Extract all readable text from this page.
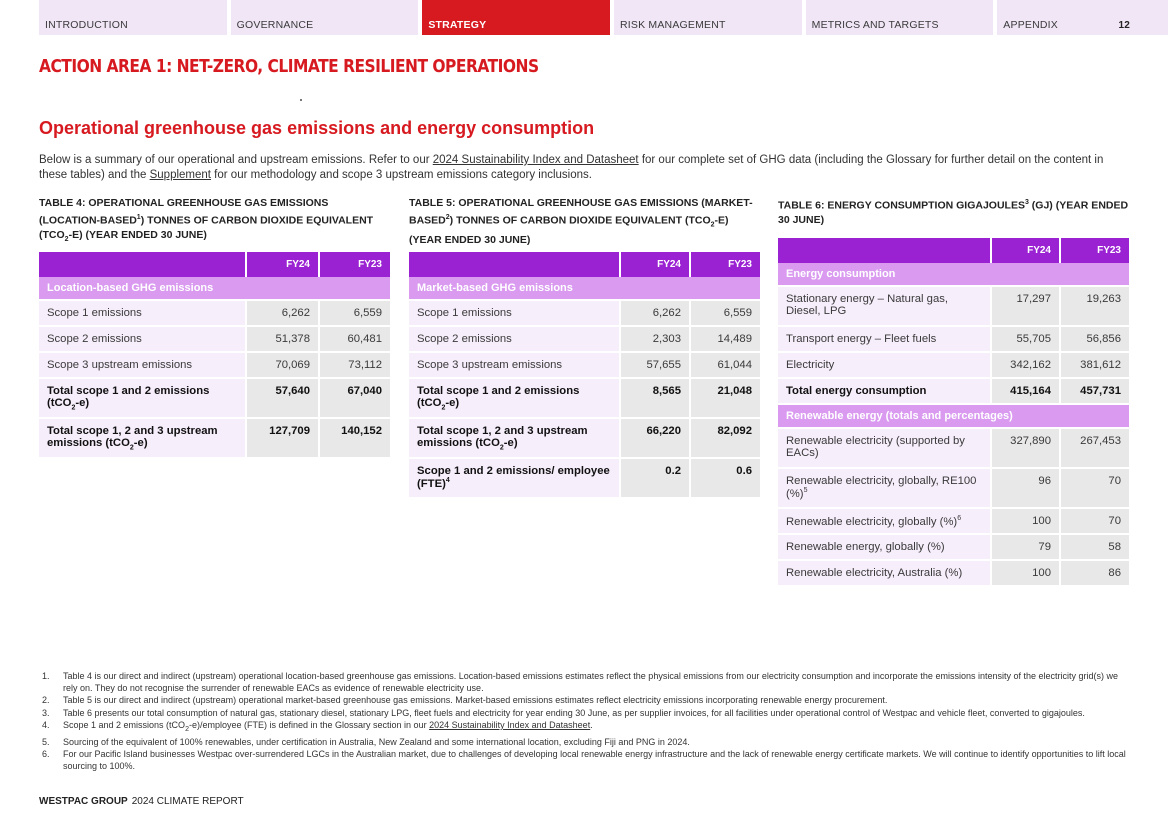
INTRODUCTION	GOVERNANCE	STRATEGY	RISK MANAGEMENT	METRICS AND TARGETS	APPENDIX	12
ACTION AREA 1: NET-ZERO, CLIMATE RESILIENT OPERATIONS
Operational greenhouse gas emissions and energy consumption

Below is a summary of our operational and upstream emissions. Refer to our 2024 Sustainability Index and Datasheet for our complete set of GHG data (including the Glossary for further detail on the content in these tables) and the Supplement for our methodology and scope 3 upstream emissions category inclusions.

TABLE 4: OPERATIONAL GREENHOUSE GAS EMISSIONS (LOCATION-BASED$^1$) TONNES OF CARBON DIOXIDE EQUIVALENT $(TCO_2-E)$ (YEAR ENDED 30 JUNE)
	FY24	FY23
Location-based GHG emissions		
Scope 1 emissions	6,262	6,559
Scope 2 emissions	51,378	60,481
Scope 3 upstream emissions	70,069	73,112
Total scope 1 and 2 emissions (tCO$_2$-e)	57,640	67,040
Total scope 1, 2 and 3 upstream emissions (tCO$_2$-e)	127,709	140,152
TABLE 5: OPERATIONAL GREENHOUSE GAS EMISSIONS (MARKET-BASED$^2$) TONNES OF CARBON DIOXIDE EQUIVALENT $(TCO_2-E)$ (YEAR ENDED 30 JUNE)
	FY24	FY23
Market-based GHG emissions		
Scope 1 emissions	6,262	6,559
Scope 2 emissions	2,303	14,489
Scope 3 upstream emissions	57,655	61,044
Total scope 1 and 2 emissions (tCO$_2$-e)	8,565	21,048
Total scope 1, 2 and 3 upstream emissions (tCO$_2$-e)	66,220	82,092
Scope 1 and 2 emissions/ employee (FTE)$^4$	0.2	0.6
TABLE 6: ENERGY CONSUMPTION GIGAJOULES$^3$ (GJ) (YEAR ENDED 30 JUNE)
	FY24	FY23
Energy consumption		
Stationary energy – Natural gas, Diesel, LPG	17,297	19,263
Transport energy – Fleet fuels	55,705	56,856
Electricity	342,162	381,612
Total energy consumption	415,164	457,731
Renewable energy (totals and percentages)		
Renewable electricity (supported by EACs)	327,890	267,453
Renewable electricity, globally, RE100 (%)$^5$	96	70
Renewable electricity, globally (%)$^6$	100	70
Renewable energy, globally (%)	79	58
Renewable electricity, Australia (%)	100	86
1. Table 4 is our direct and indirect (upstream) operational location-based greenhouse gas emissions. Location-based emissions estimates reflect the physical emissions from our electricity consumption and incorporate the emissions intensity of the electricity grid(s) we rely on. They do not recognise the surrender of renewable EACs as evidence of renewable electricity use.
2. Table 5 is our direct and indirect (upstream) operational market-based greenhouse gas emissions. Market-based emissions estimates reflect electricity emissions incorporating renewable energy procurement.
3. Table 6 presents our total consumption of natural gas, stationary diesel, stationary LPG, fleet fuels and electricity for year ending 30 June, as per supplier invoices, for all facilities under operational control of Westpac and vehicle fleet, converted to gigajoules.
4. Scope 1 and 2 emissions (tCO$_2$-e)/employee (FTE) is defined in the Glossary section in our 2024 Sustainability Index and Datasheet.
5. Sourcing of the equivalent of 100% renewables, under certification in Australia, New Zealand and some international location, excluding Fiji and PNG in 2024.
6. For our Pacific Island businesses Westpac over-surrendered LGCs in the Australian market, due to challenges of developing local renewable energy infrastructure and the lack of renewable energy certificate markets. We will continue to identify opportunities to lift local sourcing to 100%.
WESTPAC GROUP 2024 CLIMATE REPORT
